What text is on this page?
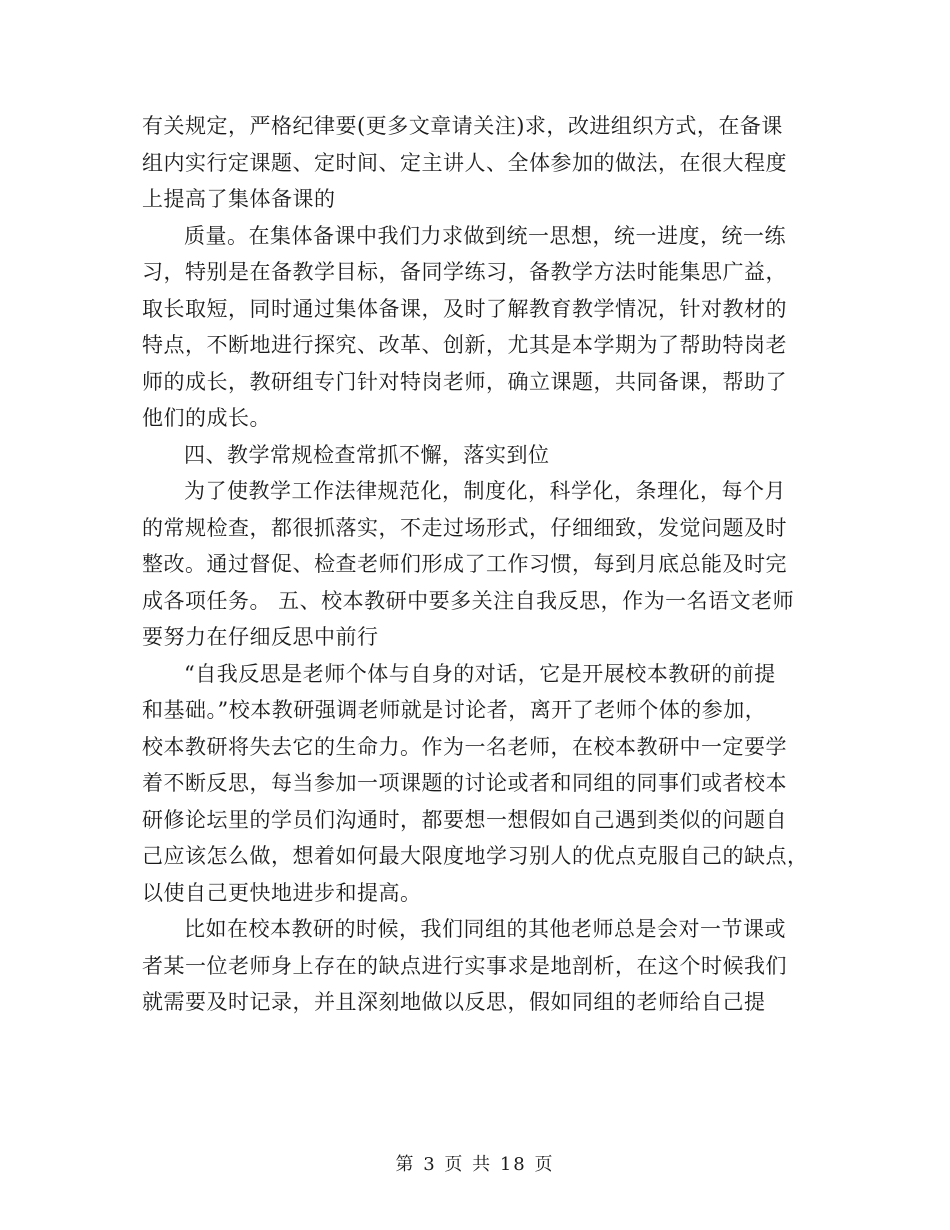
有关规定，严格纪律要(更多文章请关注)求，改进组织方式，在备课
组内实行定课题、定时间、定主讲人、全体参加的做法，在很大程度
上提高了集体备课的
质量。在集体备课中我们力求做到统一思想，统一进度，统一练
习，特别是在备教学目标，备同学练习，备教学方法时能集思广益，
取长取短，同时通过集体备课，及时了解教育教学情况，针对教材的
特点，不断地进行探究、改革、创新，尤其是本学期为了帮助特岗老
师的成长，教研组专门针对特岗老师，确立课题，共同备课，帮助了
他们的成长。
四、教学常规检查常抓不懈，落实到位
为了使教学工作法律规范化，制度化，科学化，条理化，每个月
的常规检查，都很抓落实，不走过场形式，仔细细致，发觉问题及时
整改。通过督促、检查老师们形成了工作习惯，每到月底总能及时完
成各项任务。 五、校本教研中要多关注自我反思，作为一名语文老师
要努力在仔细反思中前行
“自我反思是老师个体与自身的对话，它是开展校本教研的前提
和基础。”校本教研强调老师就是讨论者，离开了老师个体的参加，
校本教研将失去它的生命力。作为一名老师，在校本教研中一定要学
着不断反思，每当参加一项课题的讨论或者和同组的同事们或者校本
研修论坛里的学员们沟通时，都要想一想假如自己遇到类似的问题自
己应该怎么做，想着如何最大限度地学习别人的优点克服自己的缺点，
以使自己更快地进步和提高。
比如在校本教研的时候，我们同组的其他老师总是会对一节课或
者某一位老师身上存在的缺点进行实事求是地剖析，在这个时候我们
就需要及时记录，并且深刻地做以反思，假如同组的老师给自己提
第 3 页 共 18 页
